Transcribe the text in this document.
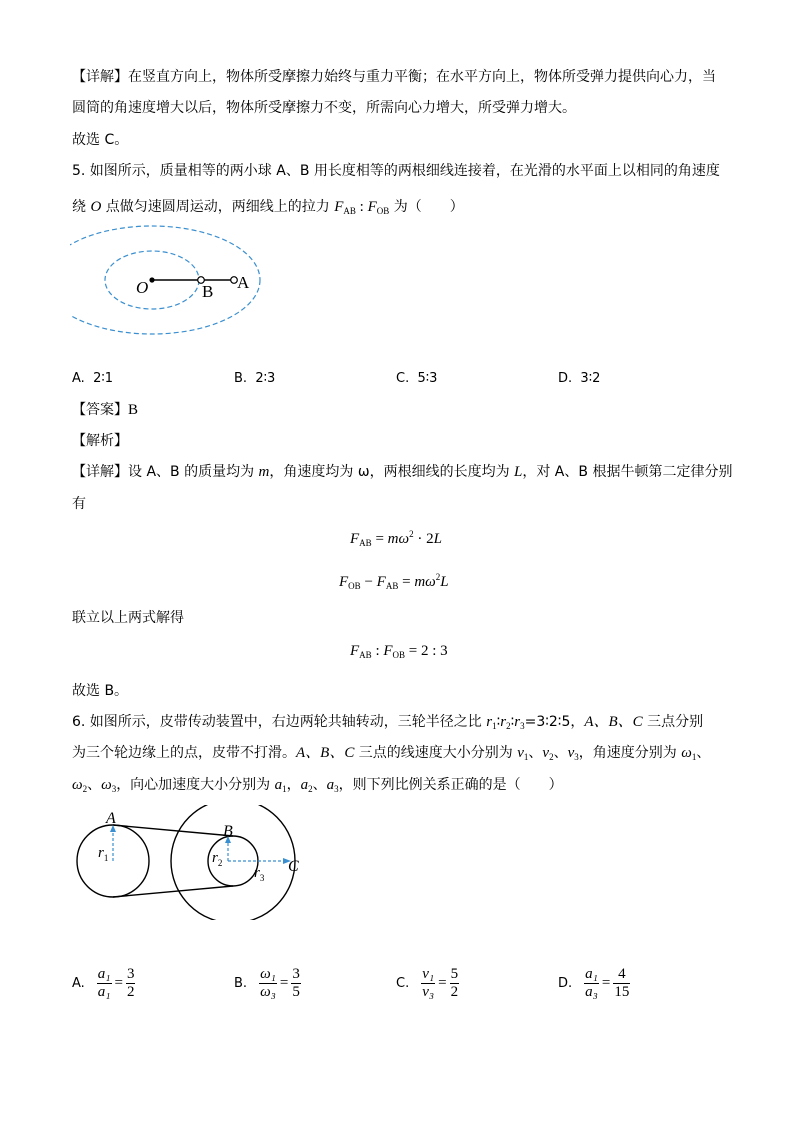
【详解】在竖直方向上，物体所受摩擦力始终与重力平衡；在水平方向上，物体所受弹力提供向心力，当
圆筒的角速度增大以后，物体所受摩擦力不变，所需向心力增大，所受弹力增大。
故选 C。
5. 如图所示，质量相等的两小球 A、B 用长度相等的两根细线连接着，在光滑的水平面上以相同的角速度
绕 O 点做匀速圆周运动，两细线上的拉力 $F_{AB}$ : $F_{OB}$ 为（　　）
O	B A
A. 2∶1	B. 2∶3	C. 5∶3	D. 3∶2
【答案】B
【解析】
【详解】设 A、B 的质量均为 m，角速度均为 ω，两根细线的长度均为 L，对 A、B 根据牛顿第二定律分别
有
$F_{AB} = m\omega^2 \cdot 2L$
$F_{OB} - F_{AB} = m\omega^2L$
联立以上两式解得
$F_{AB}$ : $F_{OB} = 2$ : 3
故选 B。
6. 如图所示，皮带传动装置中，右边两轮共轴转动，三轮半径之比 $r_1∶r_2∶r_3=3∶2∶5$，A、B、C 三点分别
为三个轮边缘上的点，皮带不打滑。A、B、C 三点的线速度大小分别为 $v_1$、$v_2$、$v_3$，角速度分别为 $\omega_1$、
$\omega_2$、$\omega_3$，向心加速度大小分别为 $a_1$，$a_2$、$a_3$，则下列比例关系正确的是（　　）
A
B
C
$r_1$	$r_2$
$r_3$
A. $\frac{\text{a₁}}{\text{a₁}} = \frac{3}{2}$	B. $\frac{\text{ω₁}}{\text{ω₃}} = \frac{3}{5}$	C. $\frac{\text{v₁}}{\text{v₃}} = \frac{5}{2}$	D. $\frac{\text{a₁}}{\text{a₃}} = \frac{4}{15}$
